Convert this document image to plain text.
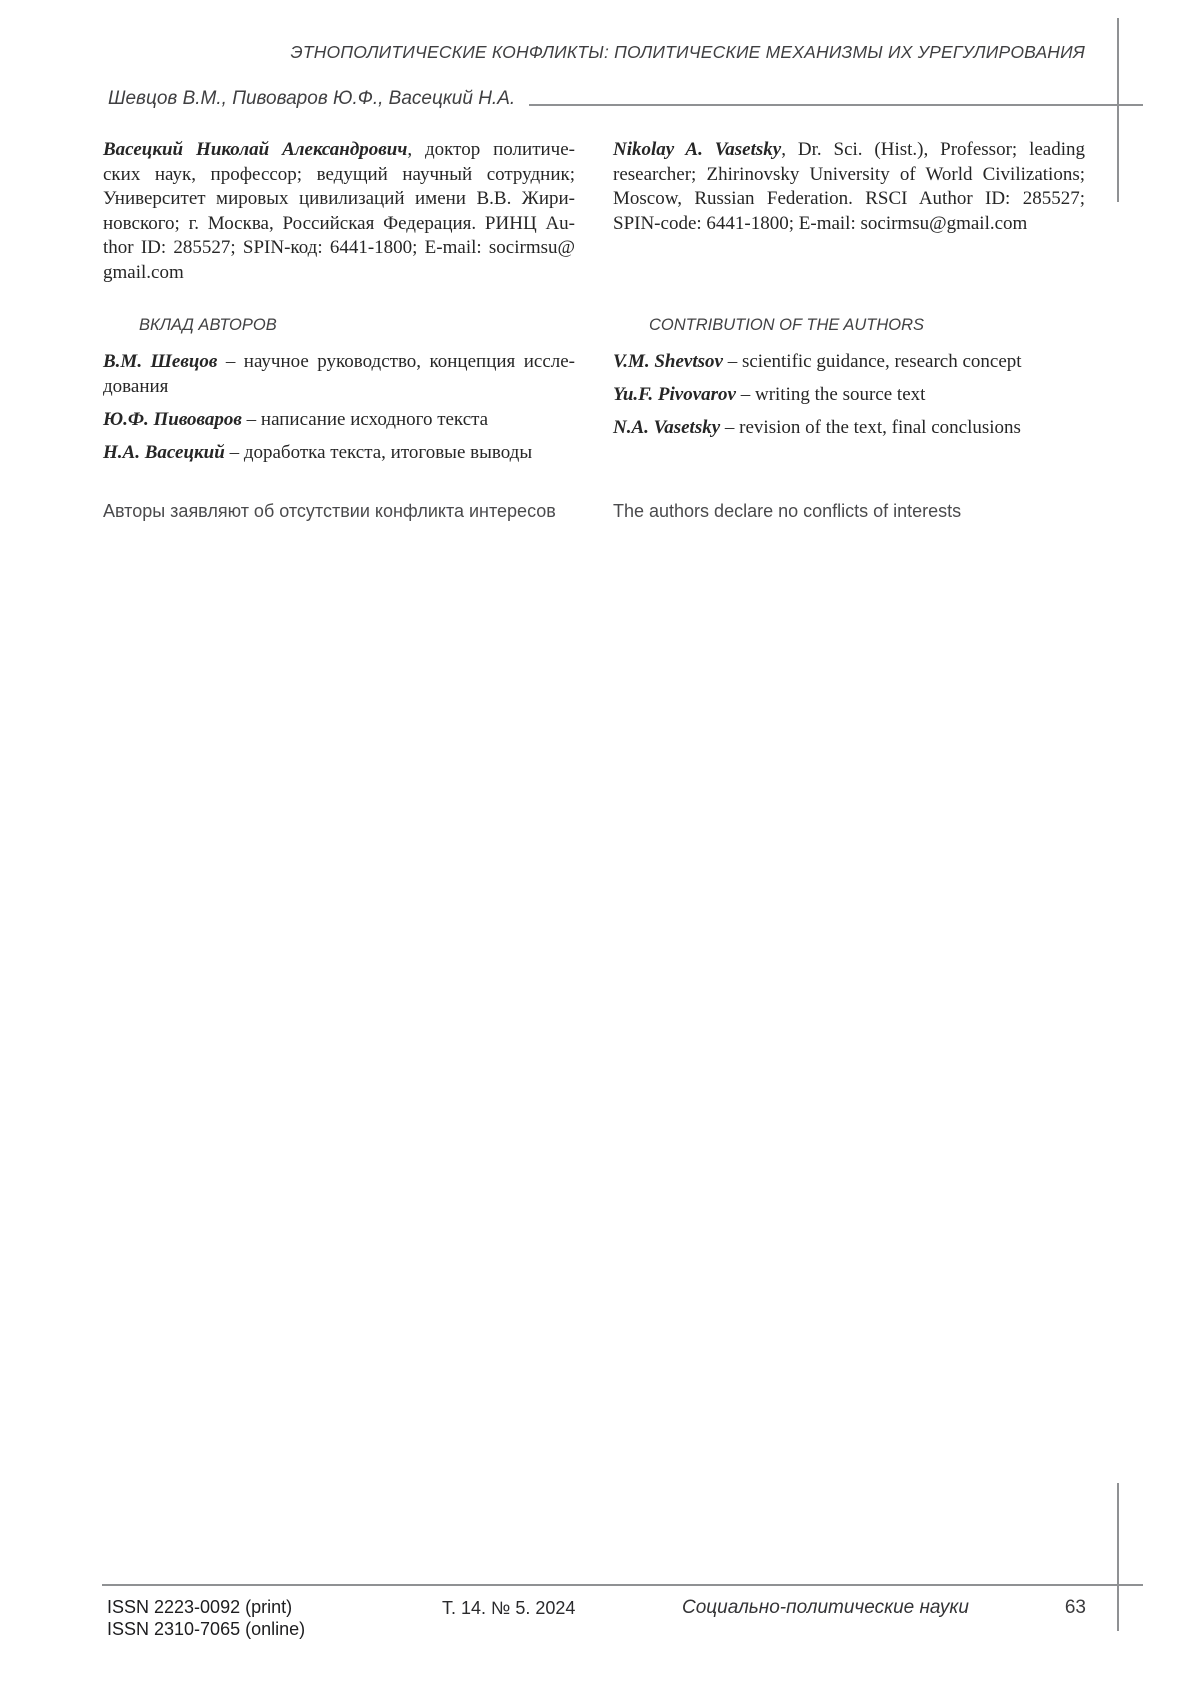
ЭТНОПОЛИТИЧЕСКИЕ КОНФЛИКТЫ: ПОЛИТИЧЕСКИЕ МЕХАНИЗМЫ ИХ УРЕГУЛИРОВАНИЯ
Шевцов В.М., Пивоваров Ю.Ф., Васецкий Н.А.
Васецкий Николай Александрович, доктор политиче-
ских наук, профессор; ведущий научный сотрудник;
Университет мировых цивилизаций имени В.В. Жири-
новского; г. Москва, Российская Федерация. РИНЦ Au-
thor ID: 285527; SPIN-код: 6441-1800; E-mail: socirmsu@
gmail.com
ВКЛАД АВТОРОВ
В.М. Шевцов – научное руководство, концепция иссле-
дования
Ю.Ф. Пивоваров – написание исходного текста
Н.А. Васецкий – доработка текста, итоговые выводы
Авторы заявляют об отсутствии конфликта интересов
Nikolay A. Vasetsky, Dr. Sci. (Hist.), Professor; leading
researcher; Zhirinovsky University of World Civilizations;
Moscow, Russian Federation. RSCI Author ID: 285527;
SPIN-code: 6441-1800; E-mail: socirmsu@gmail.com
CONTRIBUTION OF THE AUTHORS
V.M. Shevtsov – scientific guidance, research concept
Yu.F. Pivovarov – writing the source text
N.A. Vasetsky – revision of the text, final conclusions
The authors declare no conflicts of interests
ISSN 2223-0092 (print)
ISSN 2310-7065 (online)
Т. 14. № 5. 2024	Социально-политические науки	63
